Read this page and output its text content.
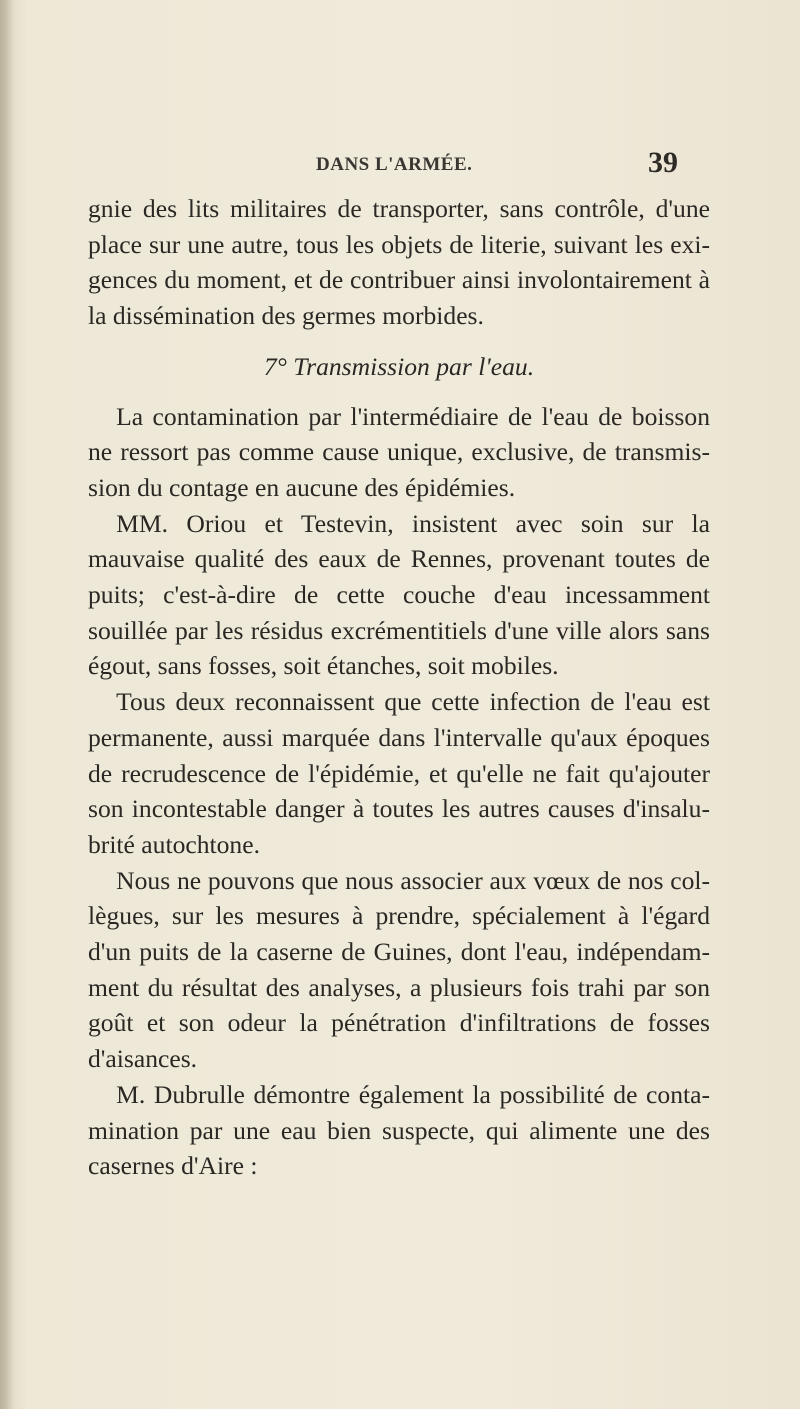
DANS L'ARMÉE.	39

gnie des lits militaires de transporter, sans contrôle, d'une place sur une autre, tous les objets de literie, suivant les exi- gences du moment, et de contribuer ainsi involontairement à la dissémination des germes morbides.

7° Transmission par l'eau.

La contamination par l'intermédiaire de l'eau de boisson ne ressort pas comme cause unique, exclusive, de transmis- sion du contage en aucune des épidémies.

MM. Oriou et Testevin, insistent avec soin sur la mauvaise qualité des eaux de Rennes, provenant toutes de puits; c'est-à-dire de cette couche d'eau incessamment souillée par les résidus excrémentitiels d'une ville alors sans égout, sans fosses, soit étanches, soit mobiles.

Tous deux reconnaissent que cette infection de l'eau est permanente, aussi marquée dans l'intervalle qu'aux époques de recrudescence de l'épidémie, et qu'elle ne fait qu'ajouter son incontestable danger à toutes les autres causes d'insalu- brité autochtone.

Nous ne pouvons que nous associer aux vœux de nos col- lègues, sur les mesures à prendre, spécialement à l'égard d'un puits de la caserne de Guines, dont l'eau, indépendam- ment du résultat des analyses, a plusieurs fois trahi par son goût et son odeur la pénétration d'infiltrations de fosses d'aisances.

M. Dubrulle démontre également la possibilité de conta- mination par une eau bien suspecte, qui alimente une des casernes d'Aire :
